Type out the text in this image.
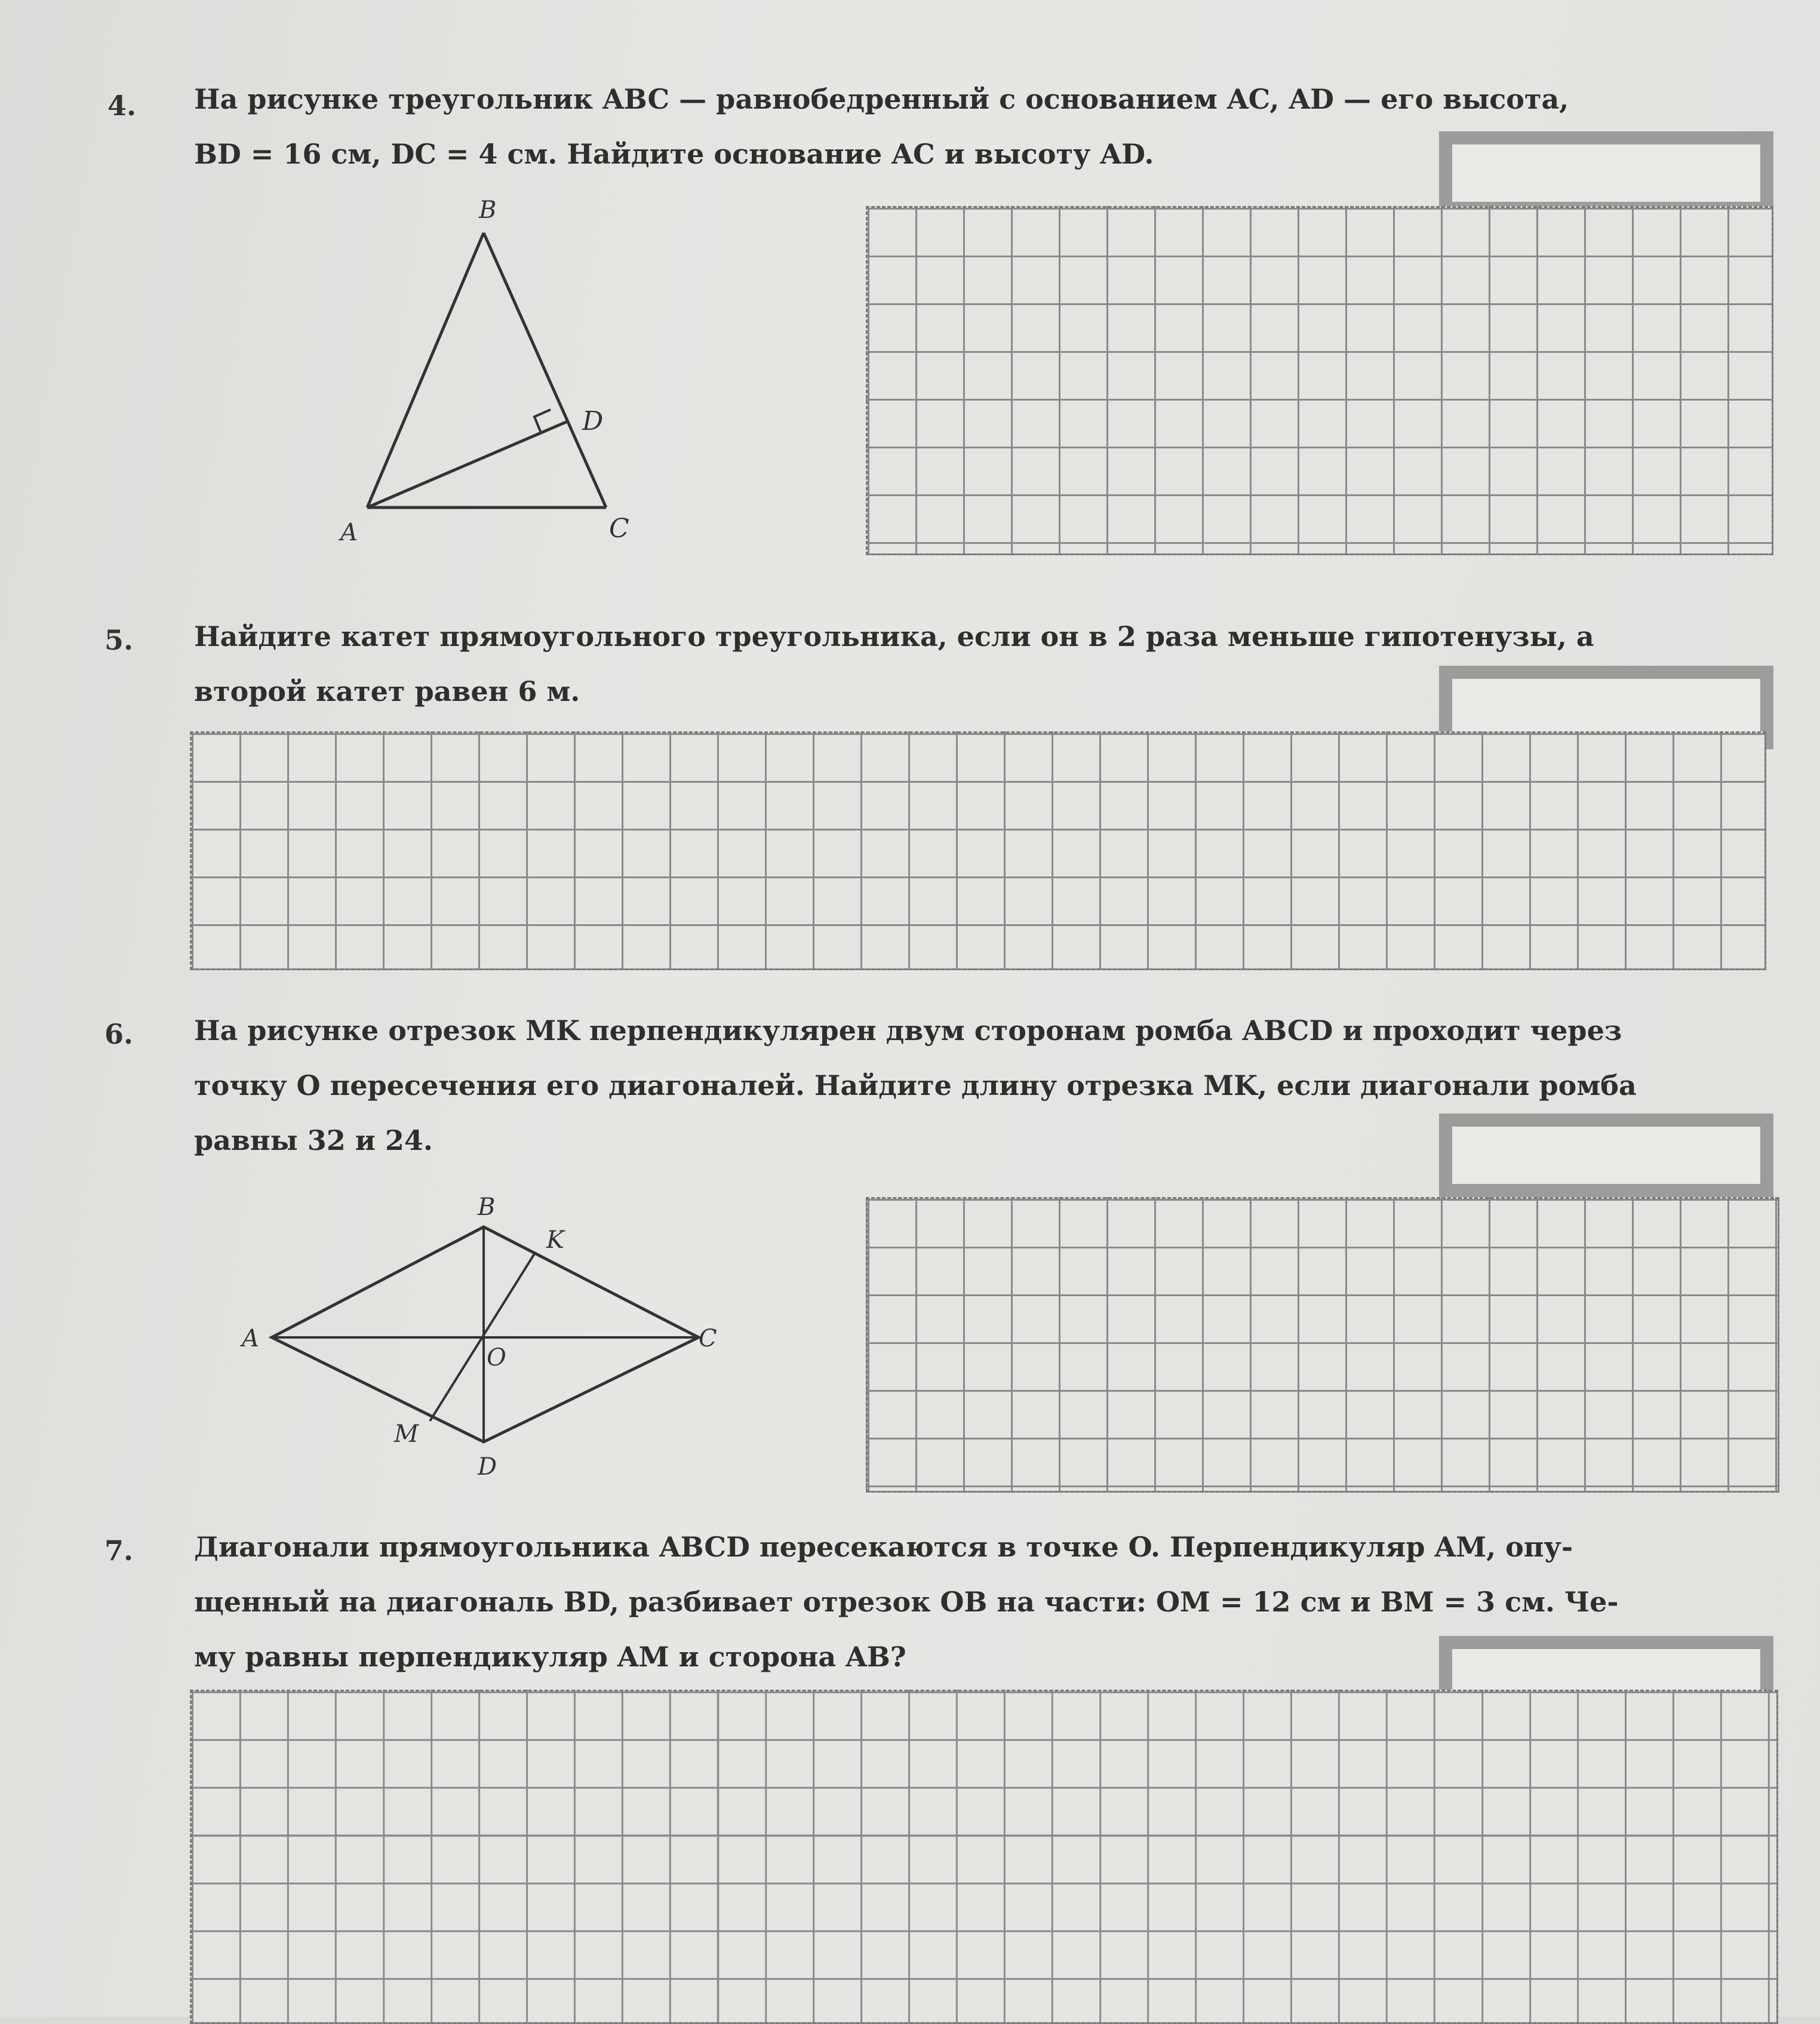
4. На рисунке треугольник ABC — равнобедренный с основанием AC, AD — его высота,
BD = 16 см, DC = 4 см. Найдите основание AC и высоту AD.
B
D
A	C
5. Найдите катет прямоугольного треугольника, если он в 2 раза меньше гипотенузы, а
второй катет равен 6 м.
6. На рисунке отрезок MK перпендикулярен двум сторонам ромба ABCD и проходит через
точку O пересечения его диагоналей. Найдите длину отрезка MK, если диагонали ромба
равны 32 и 24.
B
K
A
O
C
M
D
7. Диагонали прямоугольника ABCD пересекаются в точке O. Перпендикуляр AM, опу-
щенный на диагональ BD, разбивает отрезок OB на части: OM = 12 см и BM = 3 см. Че-
му равны перпендикуляр AM и сторона AB?
